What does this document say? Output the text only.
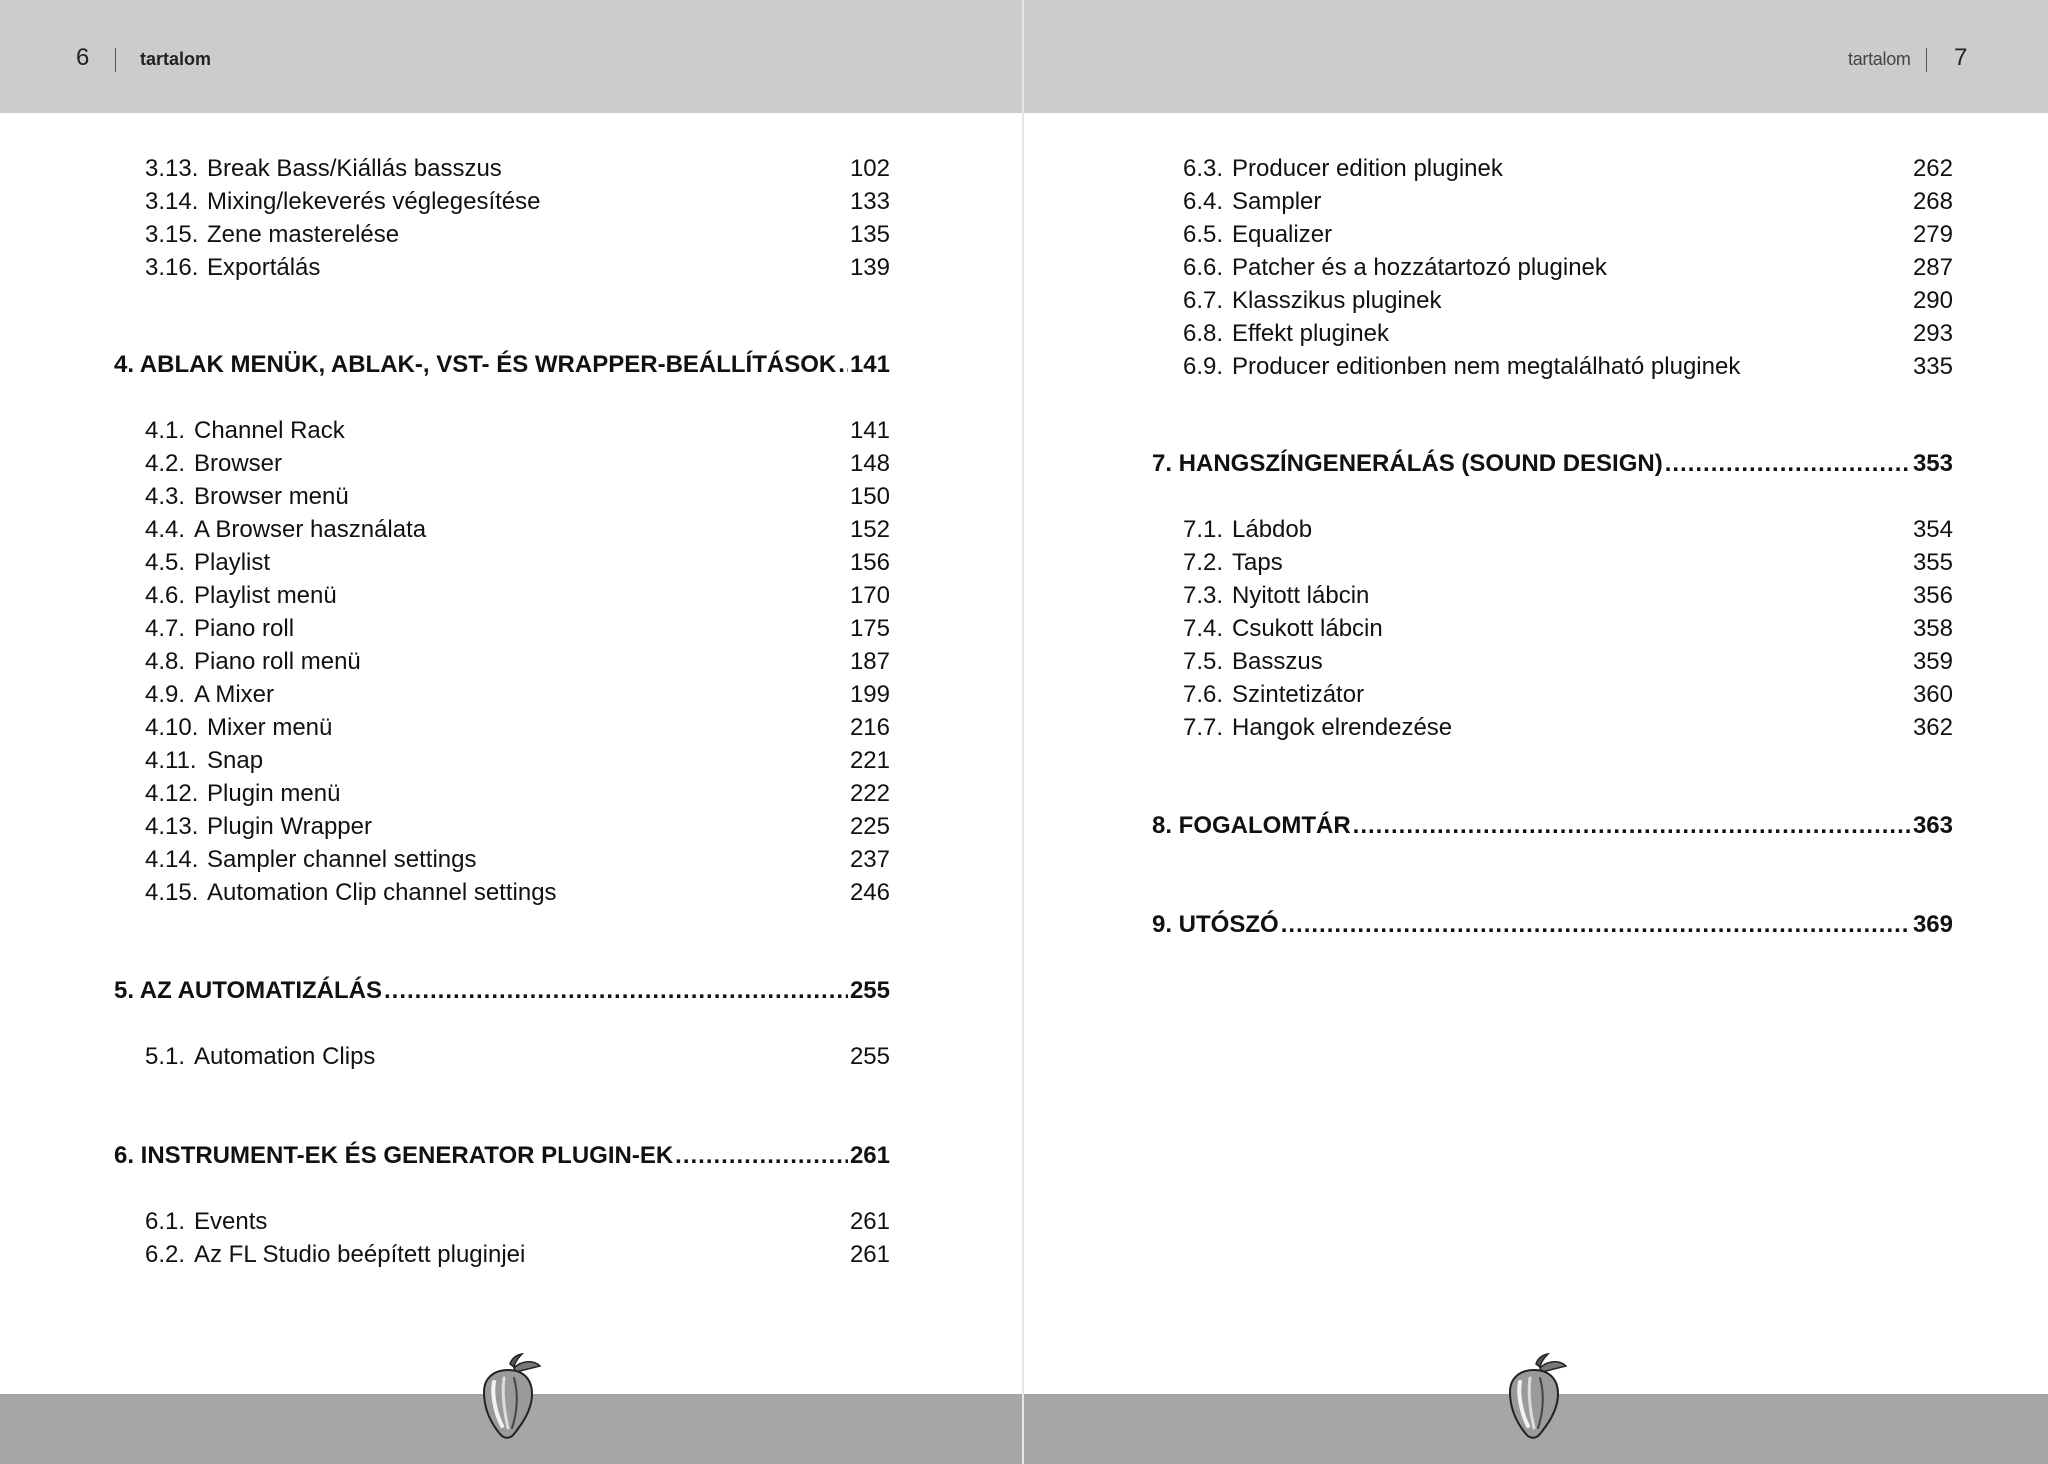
6	tartalom
3.13. Break Bass/Kiállás basszus	102
3.14. Mixing/lekeverés véglegesítése	133
3.15. Zene masterelése	135
3.16. Exportálás	139
4. ABLAK MENÜK, ABLAK-, VST- ÉS WRAPPER-BEÁLLÍTÁSOK ..... 141
4.1. Channel Rack	141
4.2. Browser	148
4.3. Browser menü	150
4.4. A Browser használata	152
4.5. Playlist	156
4.6. Playlist menü	170
4.7. Piano roll	175
4.8. Piano roll menü	187
4.9. A Mixer	199
4.10. Mixer menü	216
4.11. Snap	221
4.12. Plugin menü	222
4.13. Plugin Wrapper	225
4.14. Sampler channel settings	237
4.15. Automation Clip channel settings	246
5. AZ AUTOMATIZÁLÁS .....	255
5.1. Automation Clips	255
6. INSTRUMENT-EK ÉS GENERATOR PLUGIN-EK .....	261
6.1. Events	261
6.2. Az FL Studio beépített pluginjei	261
tartalom 7
6.3. Producer edition pluginek	262
6.4. Sampler	268
6.5. Equalizer	279
6.6. Patcher és a hozzátartozó pluginek	287
6.7. Klasszikus pluginek	290
6.8. Effekt pluginek	293
6.9. Producer editionben nem megtalálható pluginek	335
7. HANGSZÍNGENERÁLÁS (SOUND DESIGN) .....	353
7.1. Lábdob	354
7.2. Taps	355
7.3. Nyitott lábcin	356
7.4. Csukott lábcin	358
7.5. Basszus	359
7.6. Szintetizátor	360
7.7. Hangok elrendezése	362
8. FOGALOMTÁR .....	363
9. UTÓSZÓ .....	369
